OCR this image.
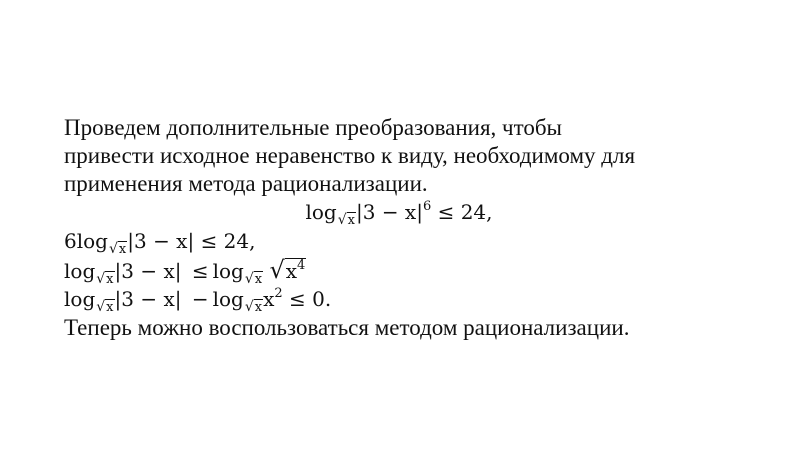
Проведем дополнительные преобразования, чтобы
привести исходное неравенство к виду, необходимому для
применения метода рационализации.
$\log_{√x}|3 - x|^6 \le 24$,
$6\log_{√x}|3 - x| \le 24$,
$\log_{√x}|3 - x| \le \log_{√x} √x^4$
$\log_{√x}|3 - x| - \log_{√x}x^2 \le 0$.
Теперь можно воспользоваться методом рационализации.
